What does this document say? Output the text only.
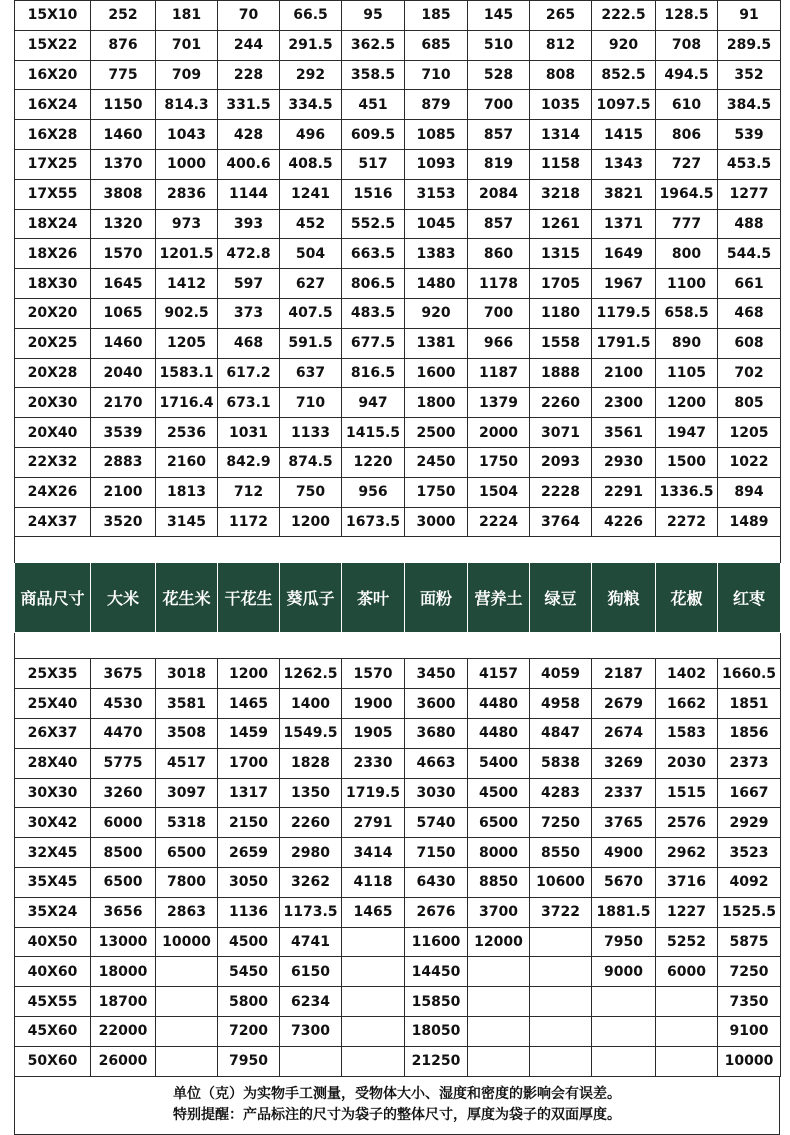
15X10	252	181	70	66.5	95	185	145	265	222.5	128.5	91
15X22	876	701	244	291.5	362.5	685	510	812	920	708	289.5
16X20	775	709	228	292	358.5	710	528	808	852.5	494.5	352
16X24	1150	814.3	331.5	334.5	451	879	700	1035	1097.5	610	384.5
16X28	1460	1043	428	496	609.5	1085	857	1314	1415	806	539
17X25	1370	1000	400.6	408.5	517	1093	819	1158	1343	727	453.5
17X55	3808	2836	1144	1241	1516	3153	2084	3218	3821	1964.5	1277
18X24	1320	973	393	452	552.5	1045	857	1261	1371	777	488
18X26	1570	1201.5	472.8	504	663.5	1383	860	1315	1649	800	544.5
18X30	1645	1412	597	627	806.5	1480	1178	1705	1967	1100	661
20X20	1065	902.5	373	407.5	483.5	920	700	1180	1179.5	658.5	468
20X25	1460	1205	468	591.5	677.5	1381	966	1558	1791.5	890	608
20X28	2040	1583.1	617.2	637	816.5	1600	1187	1888	2100	1105	702
20X30	2170	1716.4	673.1	710	947	1800	1379	2260	2300	1200	805
20X40	3539	2536	1031	1133	1415.5	2500	2000	3071	3561	1947	1205
22X32	2883	2160	842.9	874.5	1220	2450	1750	2093	2930	1500	1022
24X26	2100	1813	712	750	956	1750	1504	2228	2291	1336.5	894
24X37	3520	3145	1172	1200	1673.5	3000	2224	3764	4226	2272	1489

商品尺寸	大米	花生米	干花生	葵瓜子	茶叶	面粉	营养土	绿豆	狗粮	花椒	红枣

25X35	3675	3018	1200	1262.5	1570	3450	4157	4059	2187	1402	1660.5
25X40	4530	3581	1465	1400	1900	3600	4480	4958	2679	1662	1851
26X37	4470	3508	1459	1549.5	1905	3680	4480	4847	2674	1583	1856
28X40	5775	4517	1700	1828	2330	4663	5400	5838	3269	2030	2373
30X30	3260	3097	1317	1350	1719.5	3030	4500	4283	2337	1515	1667
30X42	6000	5318	2150	2260	2791	5740	6500	7250	3765	2576	2929
32X45	8500	6500	2659	2980	3414	7150	8000	8550	4900	2962	3523
35X45	6500	7800	3050	3262	4118	6430	8850	10600	5670	3716	4092
35X24	3656	2863	1136	1173.5	1465	2676	3700	3722	1881.5	1227	1525.5
40X50	13000	10000	4500	4741		11600	12000		7950	5252	5875
40X60	18000		5450	6150		14450			9000	6000	7250
45X55	18700		5800	6234		15850					7350
45X60	22000		7200	7300		18050					9100
50X60	26000		7950			21250					10000
单位（克）为实物手工测量，受物体大小、湿度和密度的影响会有误差。
特别提醒：产品标注的尺寸为袋子的整体尺寸，厚度为袋子的双面厚度。
